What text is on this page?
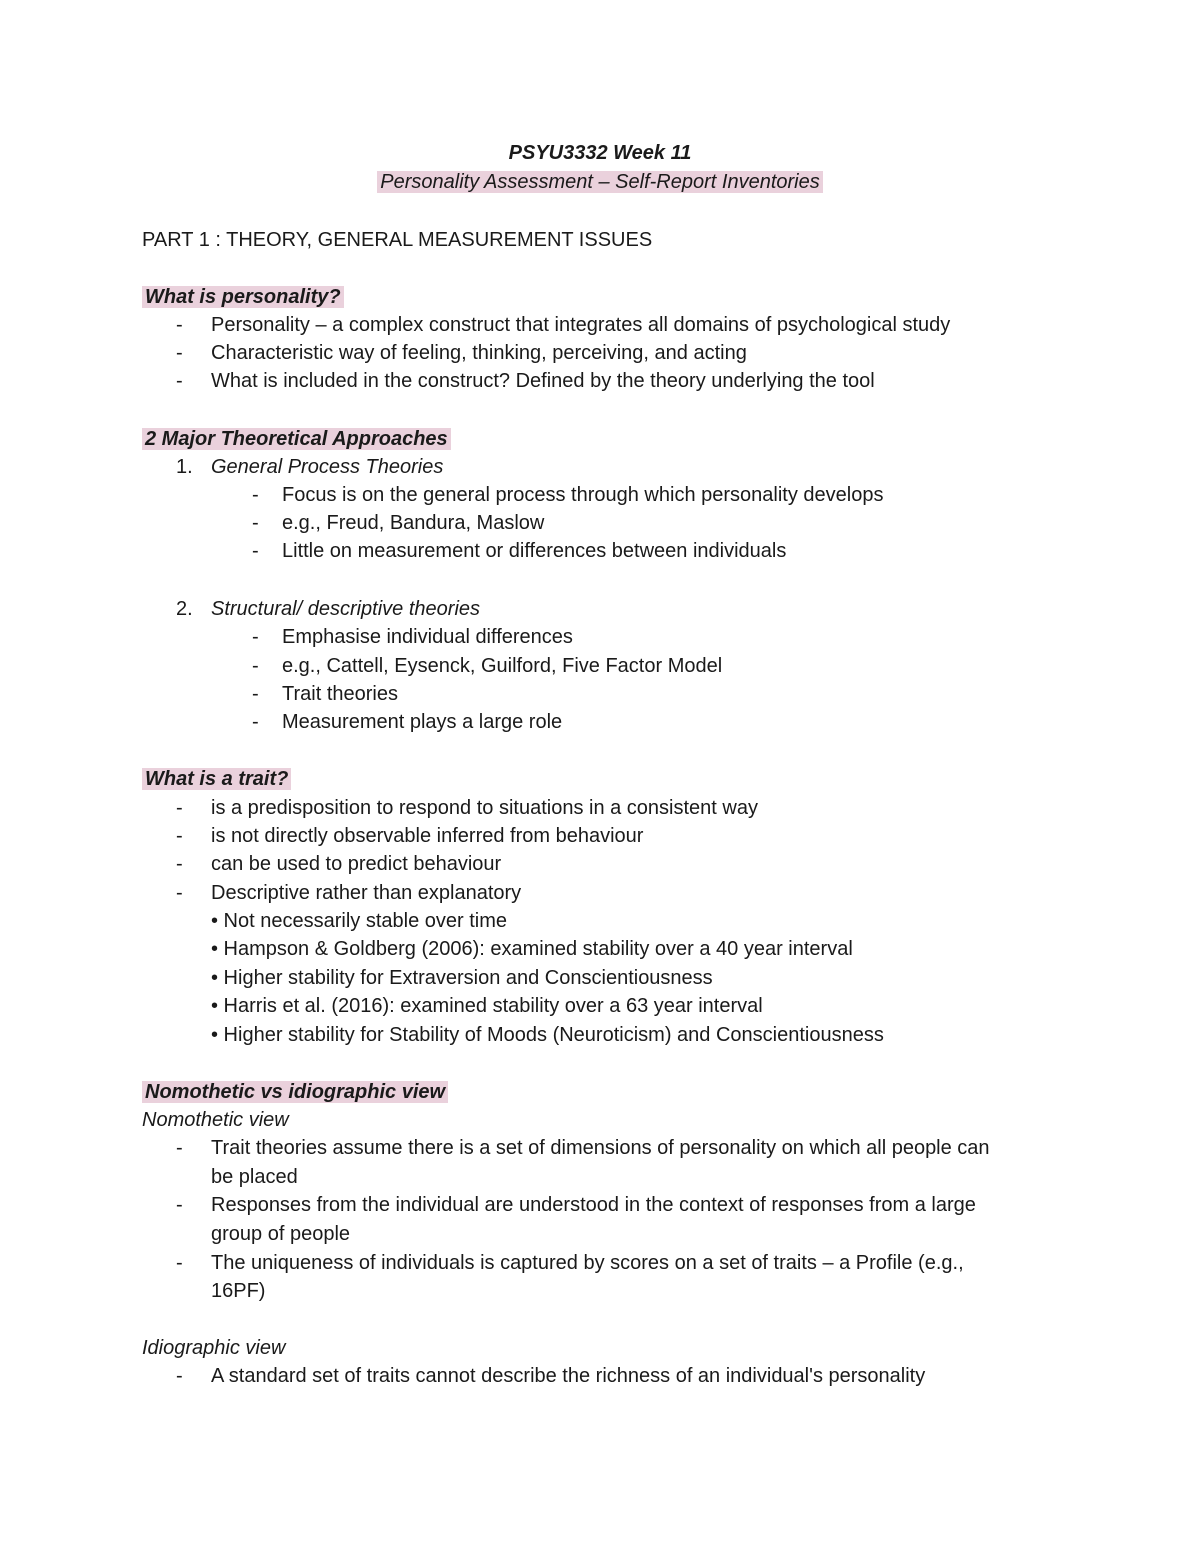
PSYU3332 Week 11
Personality Assessment – Self-Report Inventories
PART 1 : THEORY, GENERAL MEASUREMENT ISSUES
What is personality?
-	Personality – a complex construct that integrates all domains of psychological study
-	Characteristic way of feeling, thinking, perceiving, and acting
-	What is included in the construct? Defined by the theory underlying the tool
2 Major Theoretical Approaches
1. General Process Theories
-	Focus is on the general process through which personality develops
-	e.g., Freud, Bandura, Maslow
-	Little on measurement or differences between individuals
2. Structural/ descriptive theories
-	Emphasise individual differences
-	e.g., Cattell, Eysenck, Guilford, Five Factor Model
-	Trait theories
-	Measurement plays a large role
What is a trait?
-	is a predisposition to respond to situations in a consistent way
-	is not directly observable inferred from behaviour
-	can be used to predict behaviour
-	Descriptive rather than explanatory
• Not necessarily stable over time
• Hampson & Goldberg (2006): examined stability over a 40 year interval
• Higher stability for Extraversion and Conscientiousness
• Harris et al. (2016): examined stability over a 63 year interval
• Higher stability for Stability of Moods (Neuroticism) and Conscientiousness
Nomothetic vs idiographic view
Nomothetic view
-	Trait theories assume there is a set of dimensions of personality on which all people can
be placed
-	Responses from the individual are understood in the context of responses from a large
group of people
-	The uniqueness of individuals is captured by scores on a set of traits – a Profile (e.g.,
16PF)
Idiographic view
-	A standard set of traits cannot describe the richness of an individual's personality
